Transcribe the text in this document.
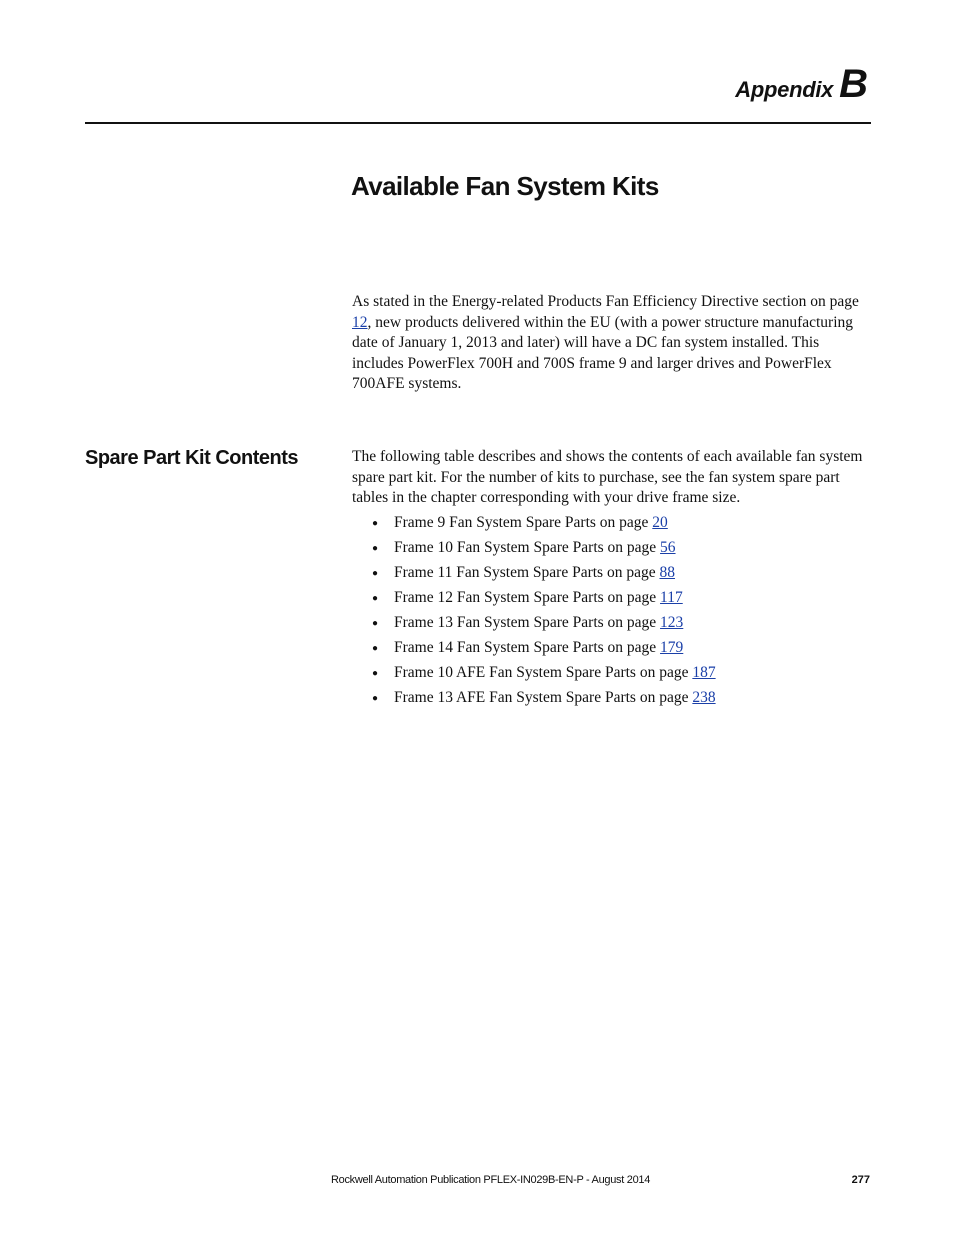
Appendix B
Available Fan System Kits

As stated in the Energy-related Products Fan Efficiency Directive section on page 12, new products delivered within the EU (with a power structure manufacturing date of January 1, 2013 and later) will have a DC fan system installed. This includes PowerFlex 700H and 700S frame 9 and larger drives and PowerFlex 700AFE systems.

Spare Part Kit Contents	The following table describes and shows the contents of each available fan system spare part kit. For the number of kits to purchase, see the fan system spare part tables in the chapter corresponding with your drive frame size.

● Frame 9 Fan System Spare Parts on page 20
● Frame 10 Fan System Spare Parts on page 56
● Frame 11 Fan System Spare Parts on page 88
● Frame 12 Fan System Spare Parts on page 117
● Frame 13 Fan System Spare Parts on page 123
● Frame 14 Fan System Spare Parts on page 179
● Frame 10 AFE Fan System Spare Parts on page 187
● Frame 13 AFE Fan System Spare Parts on page 238
Rockwell Automation Publication PFLEX-IN029B-EN-P - August 2014	277
